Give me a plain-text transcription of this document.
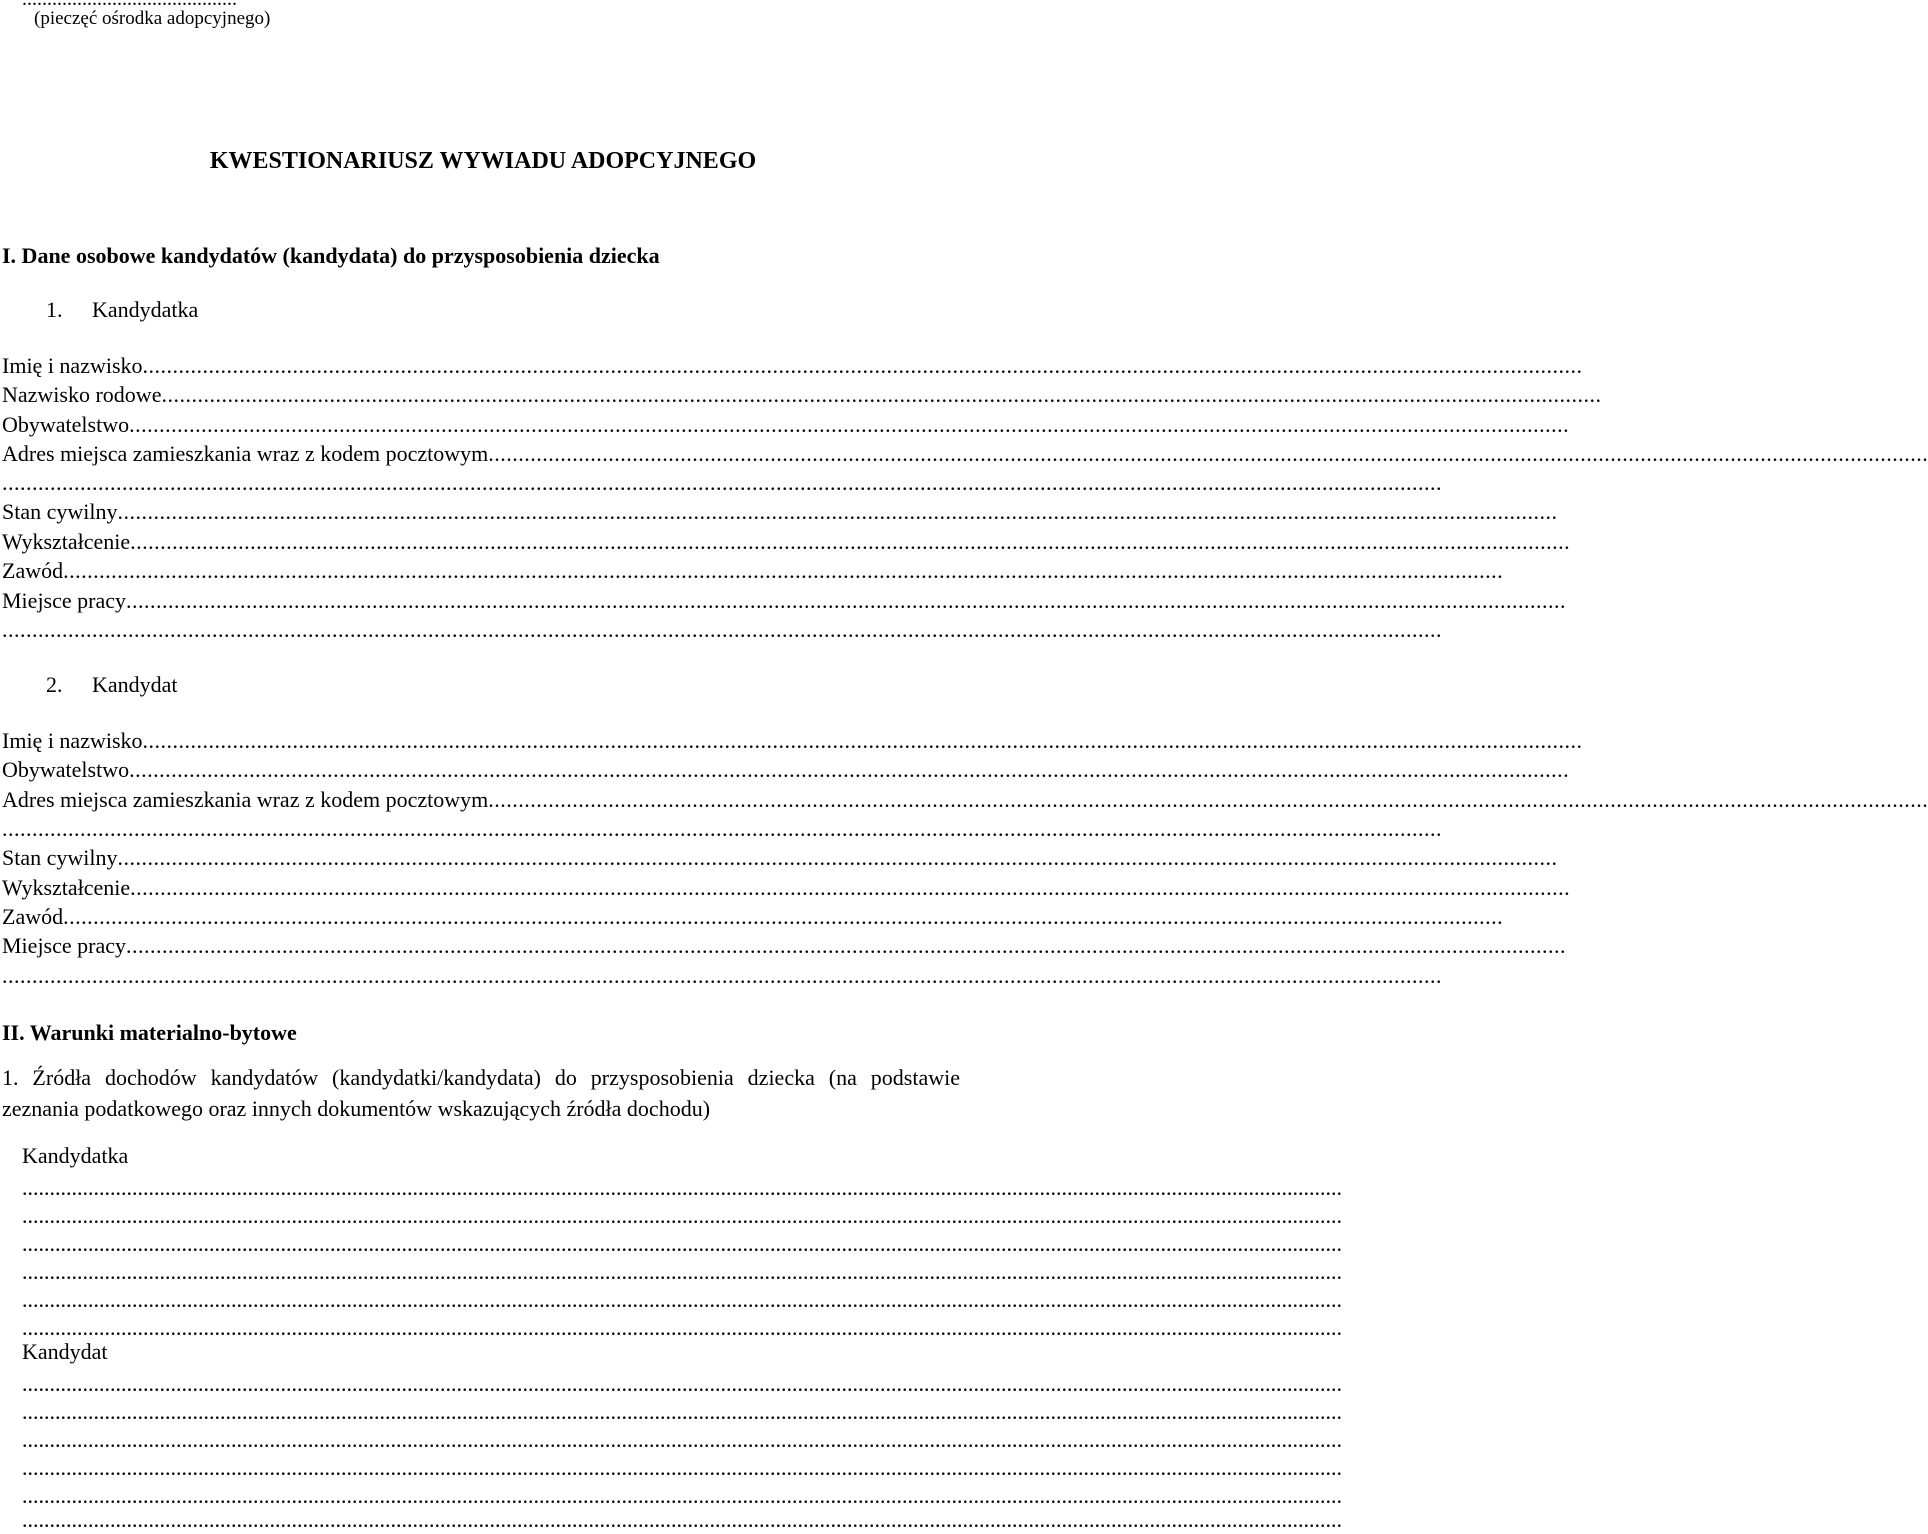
(pieczęć ośrodka adopcyjnego)
KWESTIONARIUSZ WYWIADU ADOPCYJNEGO
I. Dane osobowe kandydatów (kandydata) do przysposobienia dziecka
1. Kandydatka
Imię i nazwisko................................................................................................................................................................................................................................................
Nazwisko rodowe................................................................................................................................................................................................................................................
Obywatelstwo................................................................................................................................................................................................................................................
Adres miejsca zamieszkania wraz z kodem pocztowym................................................................................................................................................................................................................................................
................................................................................................................................................................................................................................................
Stan cywilny................................................................................................................................................................................................................................................
Wykształcenie................................................................................................................................................................................................................................................
Zawód................................................................................................................................................................................................................................................
Miejsce pracy................................................................................................................................................................................................................................................
................................................................................................................................................................................................................................................
2. Kandydat
Imię i nazwisko................................................................................................................................................................................................................................................
Obywatelstwo................................................................................................................................................................................................................................................
Adres miejsca zamieszkania wraz z kodem pocztowym................................................................................................................................................................................................................................................
................................................................................................................................................................................................................................................
Stan cywilny................................................................................................................................................................................................................................................
Wykształcenie................................................................................................................................................................................................................................................
Zawód................................................................................................................................................................................................................................................
Miejsce pracy................................................................................................................................................................................................................................................
................................................................................................................................................................................................................................................
II. Warunki materialno-bytowe
1. Źródła dochodów kandydatów (kandydatki/kandydata) do przysposobienia dziecka (na podstawie zeznania podatkowego oraz innych dokumentów wskazujących źródła dochodu)
Kandydatka
................................................................................................................................................................................................................................................
................................................................................................................................................................................................................................................
................................................................................................................................................................................................................................................
................................................................................................................................................................................................................................................
................................................................................................................................................................................................................................................
................................................................................................................................................................................................................................................
Kandydat
................................................................................................................................................................................................................................................
................................................................................................................................................................................................................................................
................................................................................................................................................................................................................................................
................................................................................................................................................................................................................................................
................................................................................................................................................................................................................................................
................................................................................................................................................................................................................................................
